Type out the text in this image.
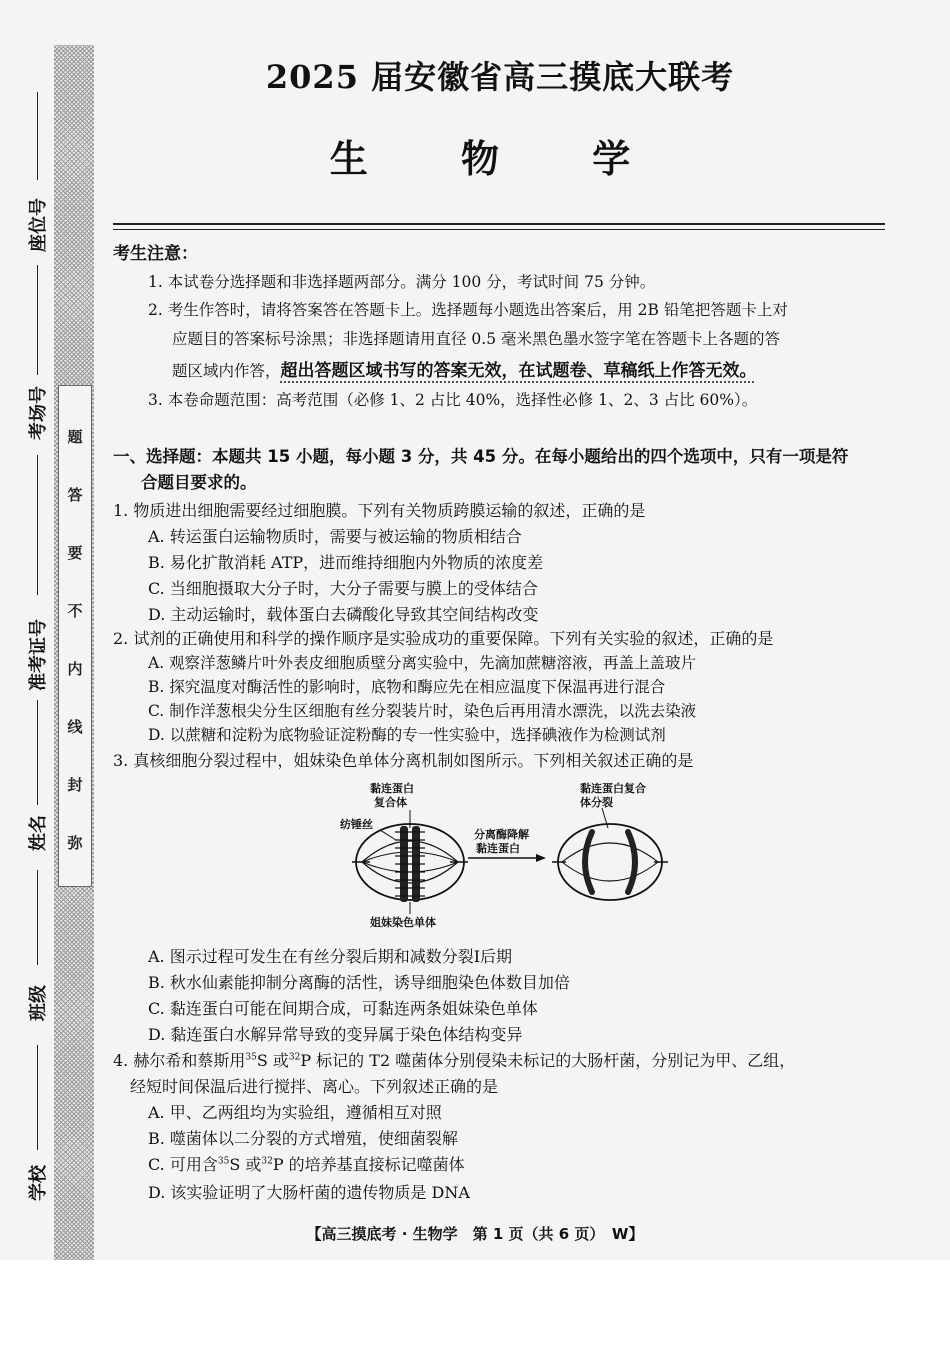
题
答
要
不
内
线
封
弥
座位号
考场号
准考证号
姓名
班级
学校
2025 届安徽省高三摸底大联考
生 物 学
考生注意：
1. 本试卷分选择题和非选择题两部分。满分 100 分，考试时间 75 分钟。
2. 考生作答时，请将答案答在答题卡上。选择题每小题选出答案后，用 2B 铅笔把答题卡上对
应题目的答案标号涂黑；非选择题请用直径 0.5 毫米黑色墨水签字笔在答题卡上各题的答
题区域内作答，超出答题区域书写的答案无效，在试题卷、草稿纸上作答无效。
3. 本卷命题范围：高考范围（必修 1、2 占比 40%，选择性必修 1、2、3 占比 60%）。
一、选择题：本题共 15 小题，每小题 3 分，共 45 分。在每小题给出的四个选项中，只有一项是符
合题目要求的。
1. 物质进出细胞需要经过细胞膜。下列有关物质跨膜运输的叙述，正确的是
A. 转运蛋白运输物质时，需要与被运输的物质相结合
B. 易化扩散消耗 ATP，进而维持细胞内外物质的浓度差
C. 当细胞摄取大分子时，大分子需要与膜上的受体结合
D. 主动运输时，载体蛋白去磷酸化导致其空间结构改变
2. 试剂的正确使用和科学的操作顺序是实验成功的重要保障。下列有关实验的叙述，正确的是
A. 观察洋葱鳞片叶外表皮细胞质壁分离实验中，先滴加蔗糖溶液，再盖上盖玻片
B. 探究温度对酶活性的影响时，底物和酶应先在相应温度下保温再进行混合
C. 制作洋葱根尖分生区细胞有丝分裂装片时，染色后再用清水漂洗，以洗去染液
D. 以蔗糖和淀粉为底物验证淀粉酶的专一性实验中，选择碘液作为检测试剂
3. 真核细胞分裂过程中，姐妹染色单体分离机制如图所示。下列相关叙述正确的是
黏连蛋白
复合体
纺锤丝
姐妹染色单体
分离酶降解
黏连蛋白
黏连蛋白复合
体分裂
A. 图示过程可发生在有丝分裂后期和减数分裂Ⅰ后期
B. 秋水仙素能抑制分离酶的活性，诱导细胞染色体数目加倍
C. 黏连蛋白可能在间期合成，可黏连两条姐妹染色单体
D. 黏连蛋白水解异常导致的变异属于染色体结构变异
4. 赫尔希和蔡斯用$^{35}$S 或$^{32}$P 标记的 T2 噬菌体分别侵染未标记的大肠杆菌，分别记为甲、乙组，
经短时间保温后进行搅拌、离心。下列叙述正确的是
A. 甲、乙两组均为实验组，遵循相互对照
B. 噬菌体以二分裂的方式增殖，使细菌裂解
C. 可用含$^{35}$S 或$^{32}$P 的培养基直接标记噬菌体
D. 该实验证明了大肠杆菌的遗传物质是 DNA
【高三摸底考 · 生物学　第 1 页（共 6 页）　W】
